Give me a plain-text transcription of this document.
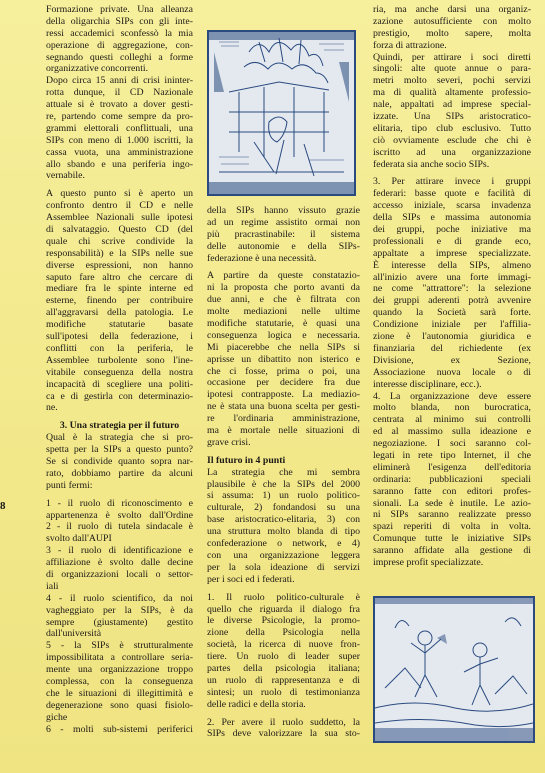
Formazione private. Una alleanza
della oligarchia SIPs con gli inte-
ressi accademici sconfessò la mia
operazione di aggregazione, con-
segnando questi colleghi a forme
organizzative concorrenti.
Dopo circa 15 anni di crisi ininter-
rotta dunque, il CD Nazionale
attuale si è trovato a dover gesti-
re, partendo come sempre da pro-
grammi elettorali conflittuali, una
SIPs con meno di 1.000 iscritti, la
cassa vuota, una amministrazione
allo sbando e una periferia ingo-
vernabile.
A questo punto si è aperto un
confronto dentro il CD e nelle
Assemblee Nazionali sulle ipotesi
di salvataggio. Questo CD (del
quale chi scrive condivide la
responsabilità) e la SIPs nelle sue
diverse espressioni, non hanno
saputo fare altro che cercare di
mediare fra le spinte interne ed
esterne, finendo per contribuire
all'aggravarsi della patologia. Le
modifiche statutarie basate
sull'ipotesi della federazione, i
conflitti con la periferia, le
Assemblee turbolente sono l'ine-
vitabile conseguenza della nostra
incapacità di scegliere una politi-
ca e di gestirla con determinazio-
ne.
3. Una strategia per il futuro
Qual è la strategia che si pro-
spetta per la SIPs a questo punto?
Se si condivide quanto sopra nar-
rato, dobbiamo partire da alcuni
punti fermi:
1 - il ruolo di riconoscimento e
appartenenza è svolto dall'Ordine
2 - il ruolo di tutela sindacale è
svolto dall'AUPI
3 - il ruolo di identificazione e
affiliazione è svolto dalle decine
di organizzazioni locali o settor-
iali
4 - il ruolo scientifico, da noi
vagheggiato per la SIPs, è da
sempre (giustamente) gestito
dall'università
5 - la SIPs è strutturalmente
impossibilitata a controllare seria-
mente una organizzazione troppo
complessa, con la conseguenza
che le situazioni di illegittimità e
degenerazione sono quasi fisiolo-
giche
6 - molti sub-sistemi periferici
della SIPs hanno vissuto grazie
ad un regime assistito ormai non
più pracrastinabile: il sistema
delle autonomie e della SIPs-
federazione è una necessità.
A partire da queste constatazio-
ni la proposta che porto avanti da
due anni, e che è filtrata con
molte mediazioni nelle ultime
modifiche statutarie, è quasi una
conseguenza logica e necessaria.
Mi piacerebbe che nella SIPs si
aprisse un dibattito non isterico e
che ci fosse, prima o poi, una
occasione per decidere fra due
ipotesi contrapposte. La mediazio-
ne è stata una buona scelta per gesti-
re l'ordinaria amministrazione,
ma è mortale nelle situazioni di
grave crisi.
Il futuro in 4 punti
La strategia che mi sembra
plausibile è che la SIPs del 2000
si assuma: 1) un ruolo politico-
culturale, 2) fondandosi su una
base aristocratico-elitaria, 3) con
una struttura molto blanda di tipo
confederazione o network, e 4)
con una organizzazione leggera
per la sola ideazione di servizi
per i soci ed i federati.
1. Il ruolo politico-culturale è
quello che riguarda il dialogo fra
le diverse Psicologie, la promo-
zione della Psicologia nella
società, la ricerca di nuove fron-
tiere. Un ruolo di leader super
partes della psicologia italiana;
un ruolo di rappresentanza e di
sintesi; un ruolo di testimonianza
delle radici e della storia.
2. Per avere il ruolo suddetto, la
SIPs deve valorizzare la sua sto-
ria, ma anche darsi una organiz-
zazione autosufficiente con molto
prestigio, molto sapere, molta
forza di attrazione.
Quindi, per attirare i soci diretti
singoli: alte quote annue o para-
metri molto severi, pochi servizi
ma di qualità altamente professio-
nale, appaltati ad imprese special-
izzate. Una SIPs aristocratico-
elitaria, tipo club esclusivo. Tutto
ciò ovviamente esclude che chi è
iscritto ad una organizzazione
federata sia anche socio SIPs.
3. Per attirare invece i gruppi
federari: basse quote e facilità di
accesso iniziale, scarsa invadenza
della SIPs e massima autonomia
dei gruppi, poche iniziative ma
professionali e di grande eco,
appaltate a imprese specializzate.
È interesse della SIPs, almeno
all'inizio avere una forte immagi-
ne come "attrattore": la selezione
dei gruppi aderenti potrà avvenire
quando la Società sarà forte.
Condizione iniziale per l'affilia-
zione è l'autonomia giuridica e
finanziaria del richiedente (ex
Divisione, ex Sezione,
Associazione nuova locale o di
interesse disciplinare, ecc.).
4. La organizzazione deve essere
molto blanda, non burocratica,
centrata al minimo sui controlli
ed al massimo sulla ideazione e
negoziazione. I soci saranno col-
legati in rete tipo Internet, il che
eliminerà l'esigenza dell'editoria
ordinaria: pubblicazioni speciali
saranno fatte con editori profes-
sionali. La sede è inutile. Le azio-
ni SIPs saranno realizzate presso
spazi reperiti di volta in volta.
Comunque tutte le iniziative SIPs
saranno affidate alla gestione di
imprese profit specializzate.
8
